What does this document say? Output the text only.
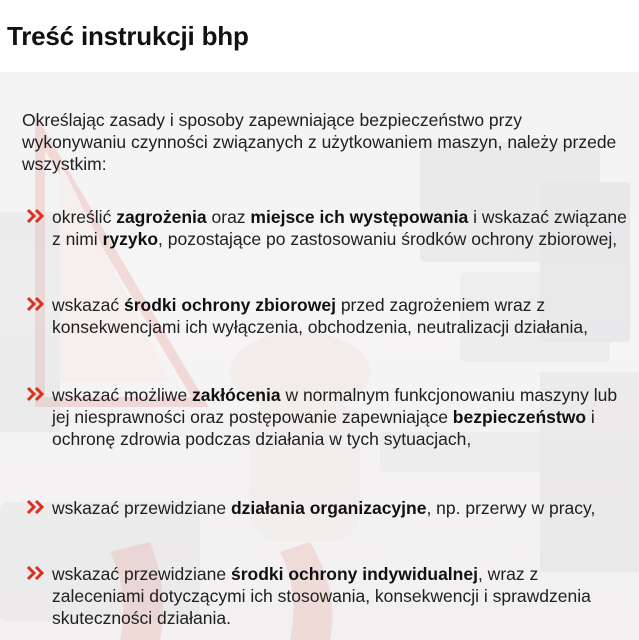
Treść instrukcji bhp

Określając zasady i sposoby zapewniające bezpieczeństwo przy wykonywaniu czynności związanych z użytkowaniem maszyn, należy przede wszystkim:

określić zagrożenia oraz miejsce ich występowania i wskazać związane z nimi ryzyko, pozostające po zastosowaniu środków ochrony zbiorowej,
wskazać środki ochrony zbiorowej przed zagrożeniem wraz z konsekwencjami ich wyłączenia, obchodzenia, neutralizacji działania,
wskazać możliwe zakłócenia w normalnym funkcjonowaniu maszyny lub jej niesprawności oraz postępowanie zapewniające bezpieczeństwo i ochronę zdrowia podczas działania w tych sytuacjach,
wskazać przewidziane działania organizacyjne, np. przerwy w pracy,
wskazać przewidziane środki ochrony indywidualnej, wraz z zaleceniami dotyczącymi ich stosowania, konsekwencji i sprawdzenia skuteczności działania.
